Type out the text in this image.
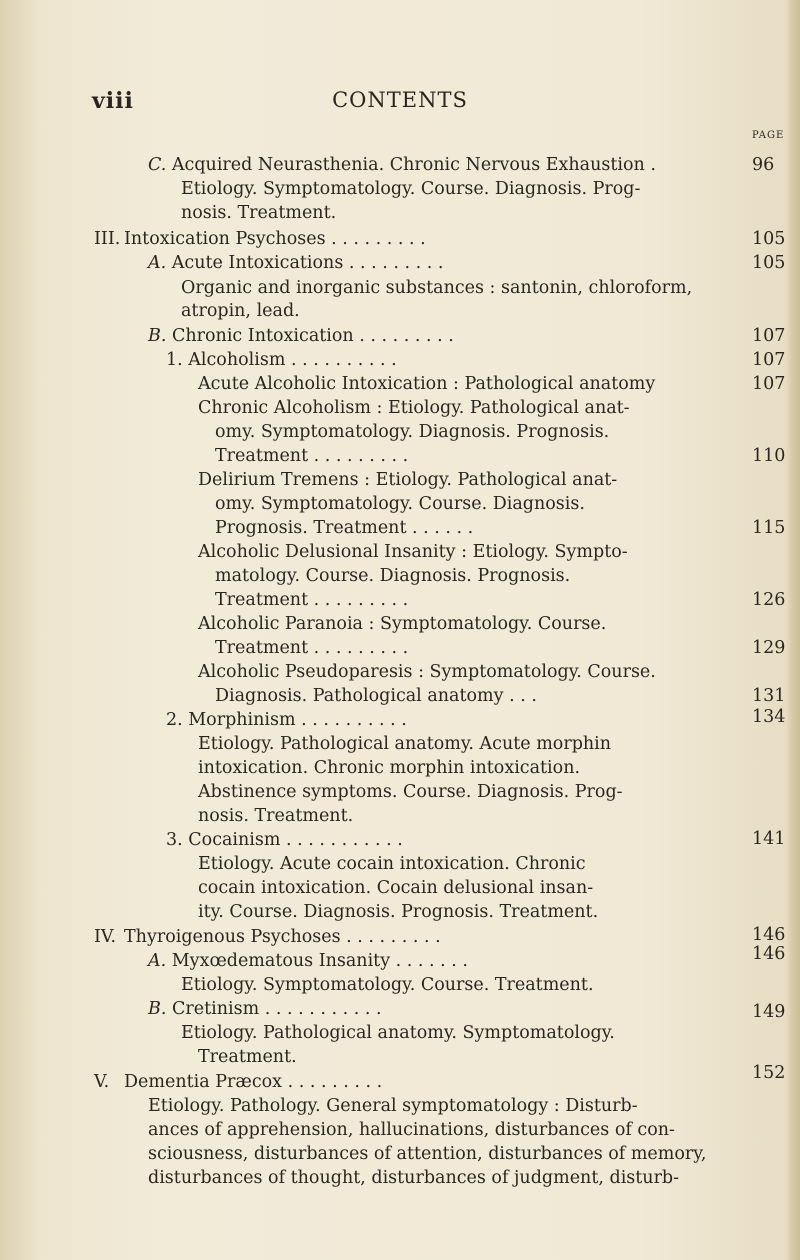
viii	CONTENTS
PAGE
C. Acquired Neurasthenia. Chronic Nervous Exhaustion .	96
Etiology. Symptomatology. Course. Diagnosis. Prog-
nosis. Treatment.
III.Intoxication Psychoses . . . . . . . . .	105
A. Acute Intoxications . . . . . . . . .	105
Organic and inorganic substances : santonin, chloroform,
atropin, lead.
B. Chronic Intoxication . . . . . . . . .	107
1. Alcoholism . . . . . . . . . .	107
Acute Alcoholic Intoxication : Pathological anatomy	107
Chronic Alcoholism : Etiology. Pathological anat-
omy. Symptomatology. Diagnosis. Prognosis.
Treatment . . . . . . . . .	110
Delirium Tremens : Etiology. Pathological anat-
omy. Symptomatology. Course. Diagnosis.
Prognosis. Treatment . . . . . .	115
Alcoholic Delusional Insanity : Etiology. Sympto-
matology. Course. Diagnosis. Prognosis.
Treatment . . . . . . . . .	126
Alcoholic Paranoia : Symptomatology. Course.
Treatment . . . . . . . . .	129
Alcoholic Pseudoparesis : Symptomatology. Course.
Diagnosis. Pathological anatomy . . .	131
2. Morphinism . . . . . . . . . .	134
Etiology. Pathological anatomy. Acute morphin
intoxication. Chronic morphin intoxication.
Abstinence symptoms. Course. Diagnosis. Prog-
nosis. Treatment.
3. Cocainism . . . . . . . . . . .	141
Etiology. Acute cocain intoxication. Chronic
cocain intoxication. Cocain delusional insan-
ity. Course. Diagnosis. Prognosis. Treatment.
IV.Thyroigenous Psychoses . . . . . . . . .	146
A. Myxœdematous Insanity . . . . . . .	146
Etiology. Symptomatology. Course. Treatment.
B. Cretinism . . . . . . . . . . .	149
Etiology. Pathological anatomy. Symptomatology.
Treatment.
V.Dementia Præcox . . . . . . . . .	152
Etiology. Pathology. General symptomatology : Disturb-
ances of apprehension, hallucinations, disturbances of con-
sciousness, disturbances of attention, disturbances of memory,
disturbances of thought, disturbances of judgment, disturb-
